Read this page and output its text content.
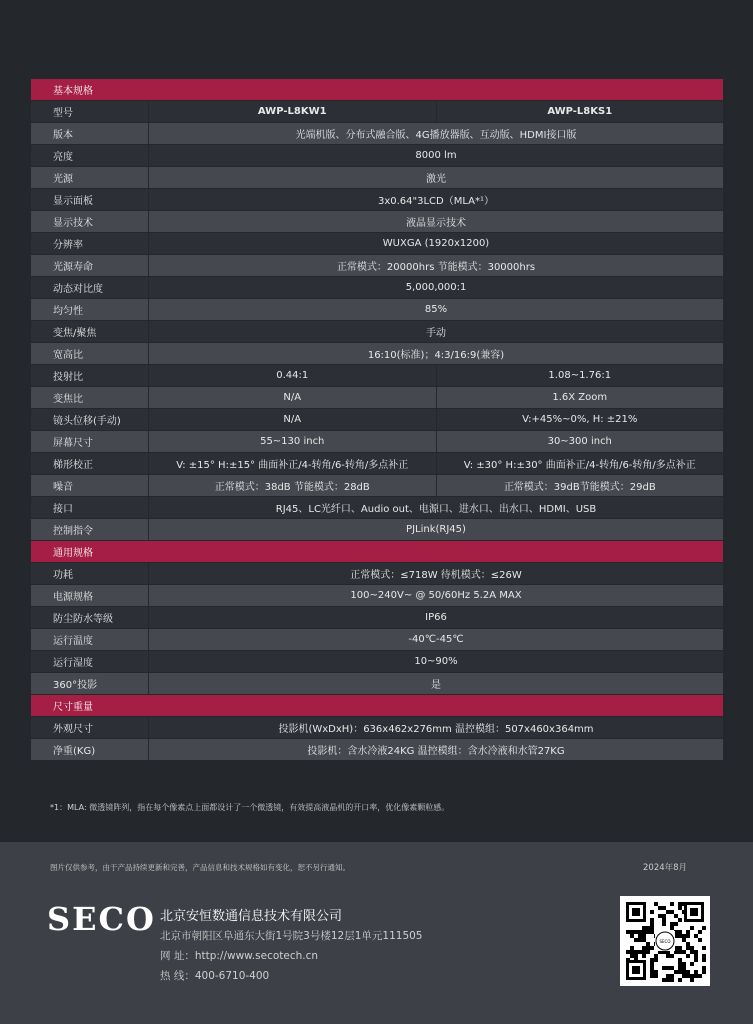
基本规格
型号	AWP-L8KW1	AWP-L8KS1
版本	光端机版、分布式融合版、4G播放器版、互动版、HDMI接口版
亮度	8000 lm
光源	激光
显示面板	3x0.64"3LCD（MLA*¹）
显示技术	液晶显示技术
分辨率	WUXGA (1920x1200)
光源寿命	正常模式：20000hrs 节能模式：30000hrs
动态对比度	5,000,000:1
均匀性	85%
变焦/聚焦	手动
宽高比	16:10(标准)；4:3/16:9(兼容)
投射比	0.44:1	1.08~1.76:1
变焦比	N/A	1.6X Zoom
镜头位移(手动)	N/A	V:+45%~0%, H: ±21%
屏幕尺寸	55~130 inch	30~300 inch
梯形校正	V: ±15° H:±15° 曲面补正/4-转角/6-转角/多点补正	V: ±30° H:±30° 曲面补正/4-转角/6-转角/多点补正
噪音	正常模式：38dB 节能模式：28dB	正常模式：39dB节能模式：29dB
接口	RJ45、LC光纤口、Audio out、电源口、进水口、出水口、HDMI、USB
控制指令	PJLink(RJ45)
通用规格
功耗	正常模式：≤718W 待机模式：≤26W
电源规格	100~240V~ @ 50/60Hz 5.2A MAX
防尘防水等级	IP66
运行温度	-40℃-45℃
运行湿度	10~90%
360°投影	是
尺寸重量
外观尺寸	投影机(WxDxH)：636x462x276mm 温控模组：507x460x364mm
净重(KG)	投影机：含水冷液24KG 温控模组：含水冷液和水管27KG
*1：MLA: 微透镜阵列，指在每个像素点上面都设计了一个微透镜，有效提高液晶机的开口率，优化像素颗粒感。
图片仅供参考，由于产品持续更新和完善，产品信息和技术规格如有变化，恕不另行通知。	2024年8月
SECO 北京安恒数通信息技术有限公司
北京市朝阳区阜通东大街1号院3号楼12层1单元111505
网 址：http://www.secotech.cn
热 线：400-6710-400
SECO
